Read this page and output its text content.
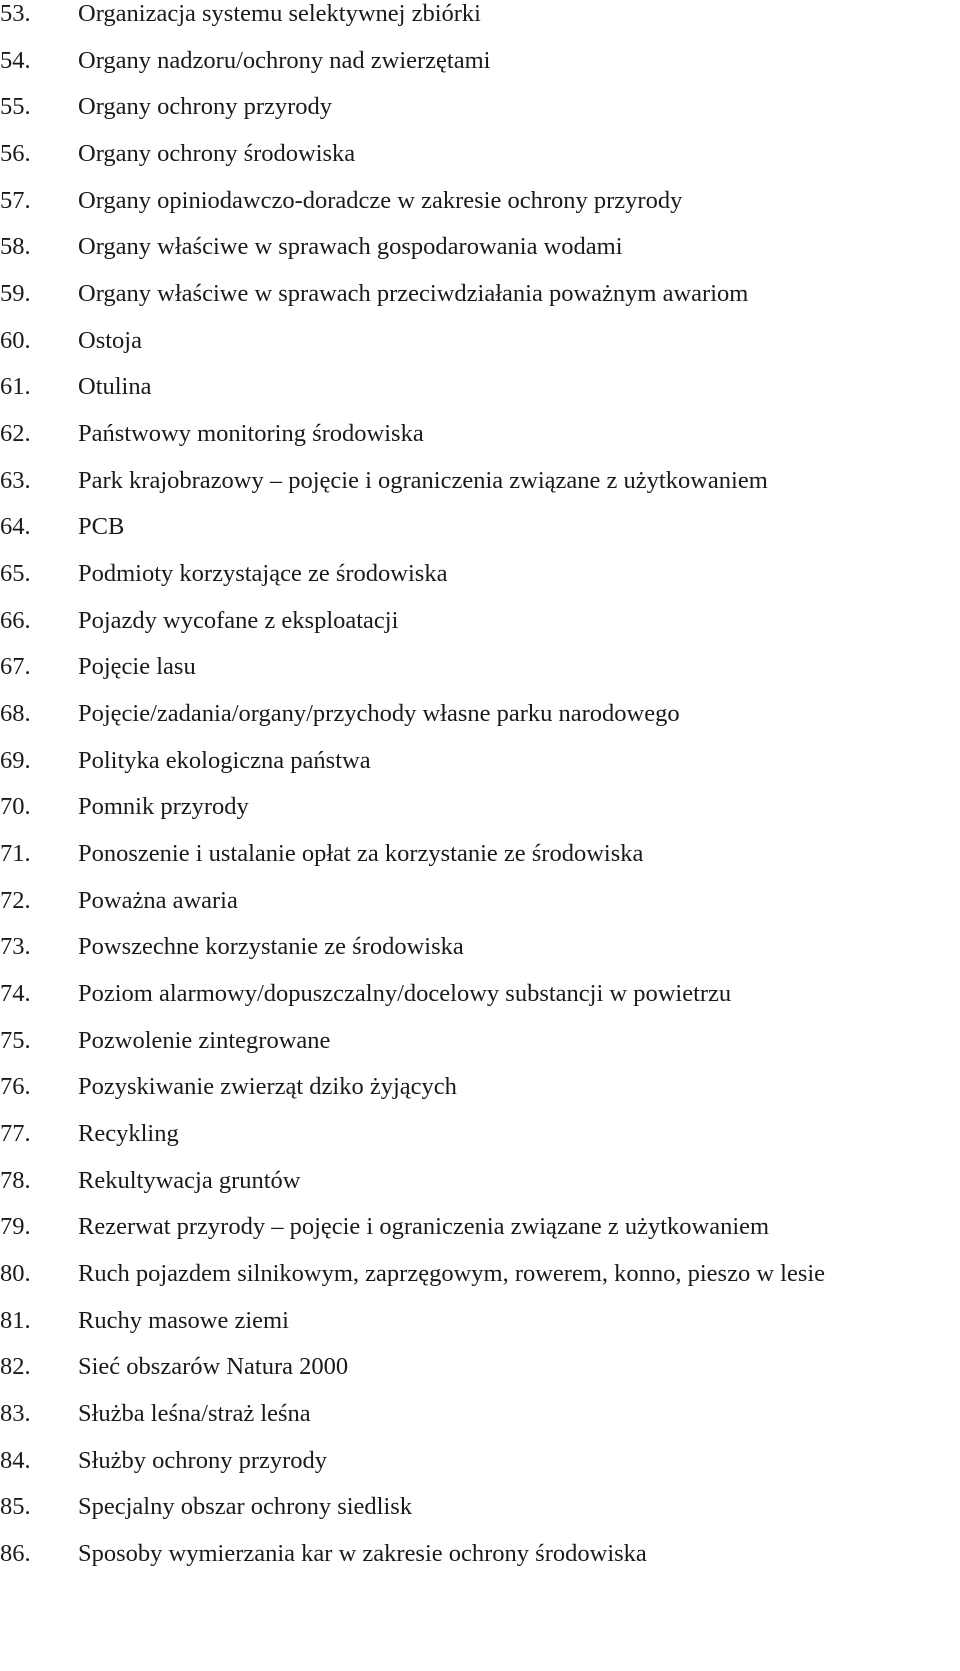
53. Organizacja systemu selektywnej zbiórki
54. Organy nadzoru/ochrony nad zwierzętami
55. Organy ochrony przyrody
56. Organy ochrony środowiska
57. Organy opiniodawczo-doradcze w zakresie ochrony przyrody
58. Organy właściwe w sprawach gospodarowania wodami
59. Organy właściwe w sprawach przeciwdziałania poważnym awariom
60. Ostoja
61. Otulina
62. Państwowy monitoring środowiska
63. Park krajobrazowy – pojęcie i ograniczenia związane z użytkowaniem
64. PCB
65. Podmioty korzystające ze środowiska
66. Pojazdy wycofane z eksploatacji
67. Pojęcie lasu
68. Pojęcie/zadania/organy/przychody własne parku narodowego
69. Polityka ekologiczna państwa
70. Pomnik przyrody
71. Ponoszenie i ustalanie opłat za korzystanie ze środowiska
72. Poważna awaria
73. Powszechne korzystanie ze środowiska
74. Poziom alarmowy/dopuszczalny/docelowy substancji w powietrzu
75. Pozwolenie zintegrowane
76. Pozyskiwanie zwierząt dziko żyjących
77. Recykling
78. Rekultywacja gruntów
79. Rezerwat przyrody – pojęcie i ograniczenia związane z użytkowaniem
80. Ruch pojazdem silnikowym, zaprzęgowym, rowerem, konno, pieszo w lesie
81. Ruchy masowe ziemi
82. Sieć obszarów Natura 2000
83. Służba leśna/straż leśna
84. Służby ochrony przyrody
85. Specjalny obszar ochrony siedlisk
86. Sposoby wymierzania kar w zakresie ochrony środowiska
